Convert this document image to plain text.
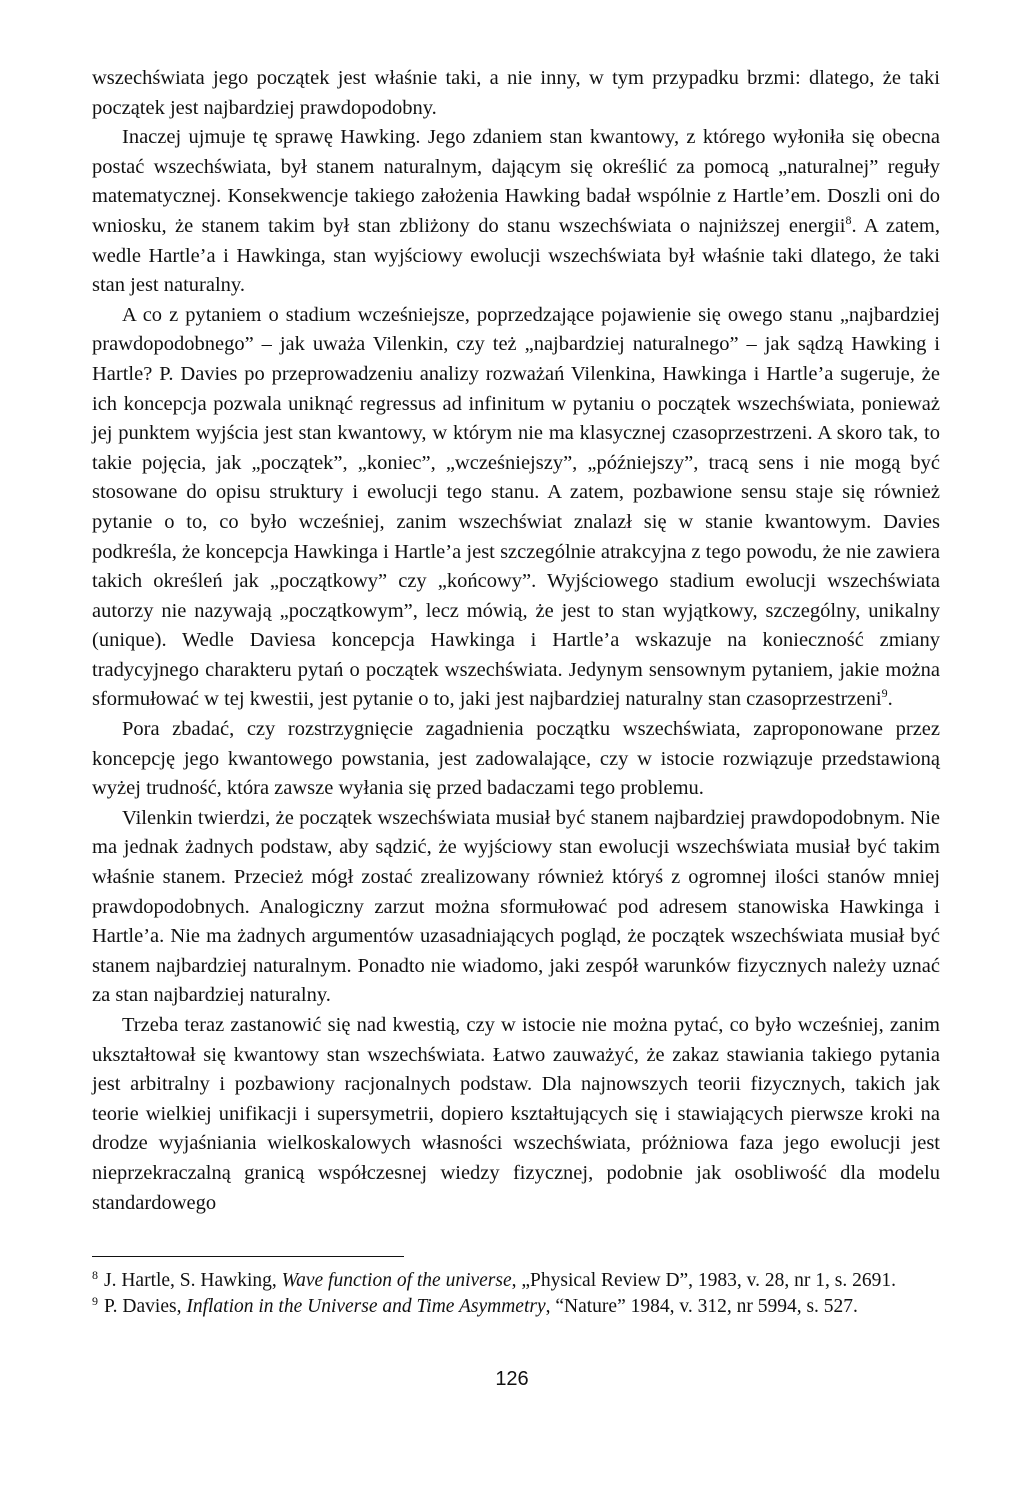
wszechświata jego początek jest właśnie taki, a nie inny, w tym przypadku brzmi: dlatego, że taki początek jest najbardziej prawdopodobny.

Inaczej ujmuje tę sprawę Hawking. Jego zdaniem stan kwantowy, z którego wyłoniła się obecna postać wszechświata, był stanem naturalnym, dającym się określić za pomocą „naturalnej” reguły matematycznej. Konsekwencje takiego założenia Hawking badał wspólnie z Hartle’em. Doszli oni do wniosku, że stanem takim był stan zbliżony do stanu wszechświata o najniższej energii$^8$. A zatem, wedle Hartle’a i Hawkinga, stan wyjściowy ewolucji wszechświata był właśnie taki dlatego, że taki stan jest naturalny.

A co z pytaniem o stadium wcześniejsze, poprzedzające pojawienie się owego stanu „najbardziej prawdopodobnego” – jak uważa Vilenkin, czy też „najbardziej naturalnego” – jak sądzą Hawking i Hartle? P. Davies po przeprowadzeniu analizy rozważań Vilenkina, Hawkinga i Hartle’a sugeruje, że ich koncepcja pozwala uniknąć regressus ad infinitum w pytaniu o początek wszechświata, ponieważ jej punktem wyjścia jest stan kwantowy, w którym nie ma klasycznej czasoprzestrzeni. A skoro tak, to takie pojęcia, jak „początek”, „koniec”, „wcześniejszy”, „późniejszy”, tracą sens i nie mogą być stosowane do opisu struktury i ewolucji tego stanu. A zatem, pozbawione sensu staje się również pytanie o to, co było wcześniej, zanim wszechświat znalazł się w stanie kwantowym. Davies podkreśla, że koncepcja Hawkinga i Hartle’a jest szczególnie atrakcyjna z tego powodu, że nie zawiera takich określeń jak „początkowy” czy „końcowy”. Wyjściowego stadium ewolucji wszechświata autorzy nie nazywają „początkowym”, lecz mówią, że jest to stan wyjątkowy, szczególny, unikalny (unique). Wedle Daviesa koncepcja Hawkinga i Hartle’a wskazuje na konieczność zmiany tradycyjnego charakteru pytań o początek wszechświata. Jedynym sensownym pytaniem, jakie można sformułować w tej kwestii, jest pytanie o to, jaki jest najbardziej naturalny stan czasoprzestrzeni$^9$.

Pora zbadać, czy rozstrzygnięcie zagadnienia początku wszechświata, zaproponowane przez koncepcję jego kwantowego powstania, jest zadowalające, czy w istocie rozwiązuje przedstawioną wyżej trudność, która zawsze wyłania się przed badaczami tego problemu.

Vilenkin twierdzi, że początek wszechświata musiał być stanem najbardziej prawdopodobnym. Nie ma jednak żadnych podstaw, aby sądzić, że wyjściowy stan ewolucji wszechświata musiał być takim właśnie stanem. Przecież mógł zostać zrealizowany również któryś z ogromnej ilości stanów mniej prawdopodobnych. Analogiczny zarzut można sformułować pod adresem stanowiska Hawkinga i Hartle’a. Nie ma żadnych argumentów uzasadniających pogląd, że początek wszechświata musiał być stanem najbardziej naturalnym. Ponadto nie wiadomo, jaki zespół warunków fizycznych należy uznać za stan najbardziej naturalny.

Trzeba teraz zastanowić się nad kwestią, czy w istocie nie można pytać, co było wcześniej, zanim ukształtował się kwantowy stan wszechświata. Łatwo zauważyć, że zakaz stawiania takiego pytania jest arbitralny i pozbawiony racjonalnych podstaw. Dla najnowszych teorii fizycznych, takich jak teorie wielkiej unifikacji i supersymetrii, dopiero kształtujących się i stawiających pierwsze kroki na drodze wyjaśniania wielkoskalowych własności wszechświata, próżniowa faza jego ewolucji jest nieprzekraczalną granicą współczesnej wiedzy fizycznej, podobnie jak osobliwość dla modelu standardowego

$^8$ J. Hartle, S. Hawking, Wave function of the universe, „Physical Review D”, 1983, v. 28, nr 1, s. 2691.

$^9$ P. Davies, Inflation in the Universe and Time Asymmetry, “Nature” 1984, v. 312, nr 5994, s. 527.

126
